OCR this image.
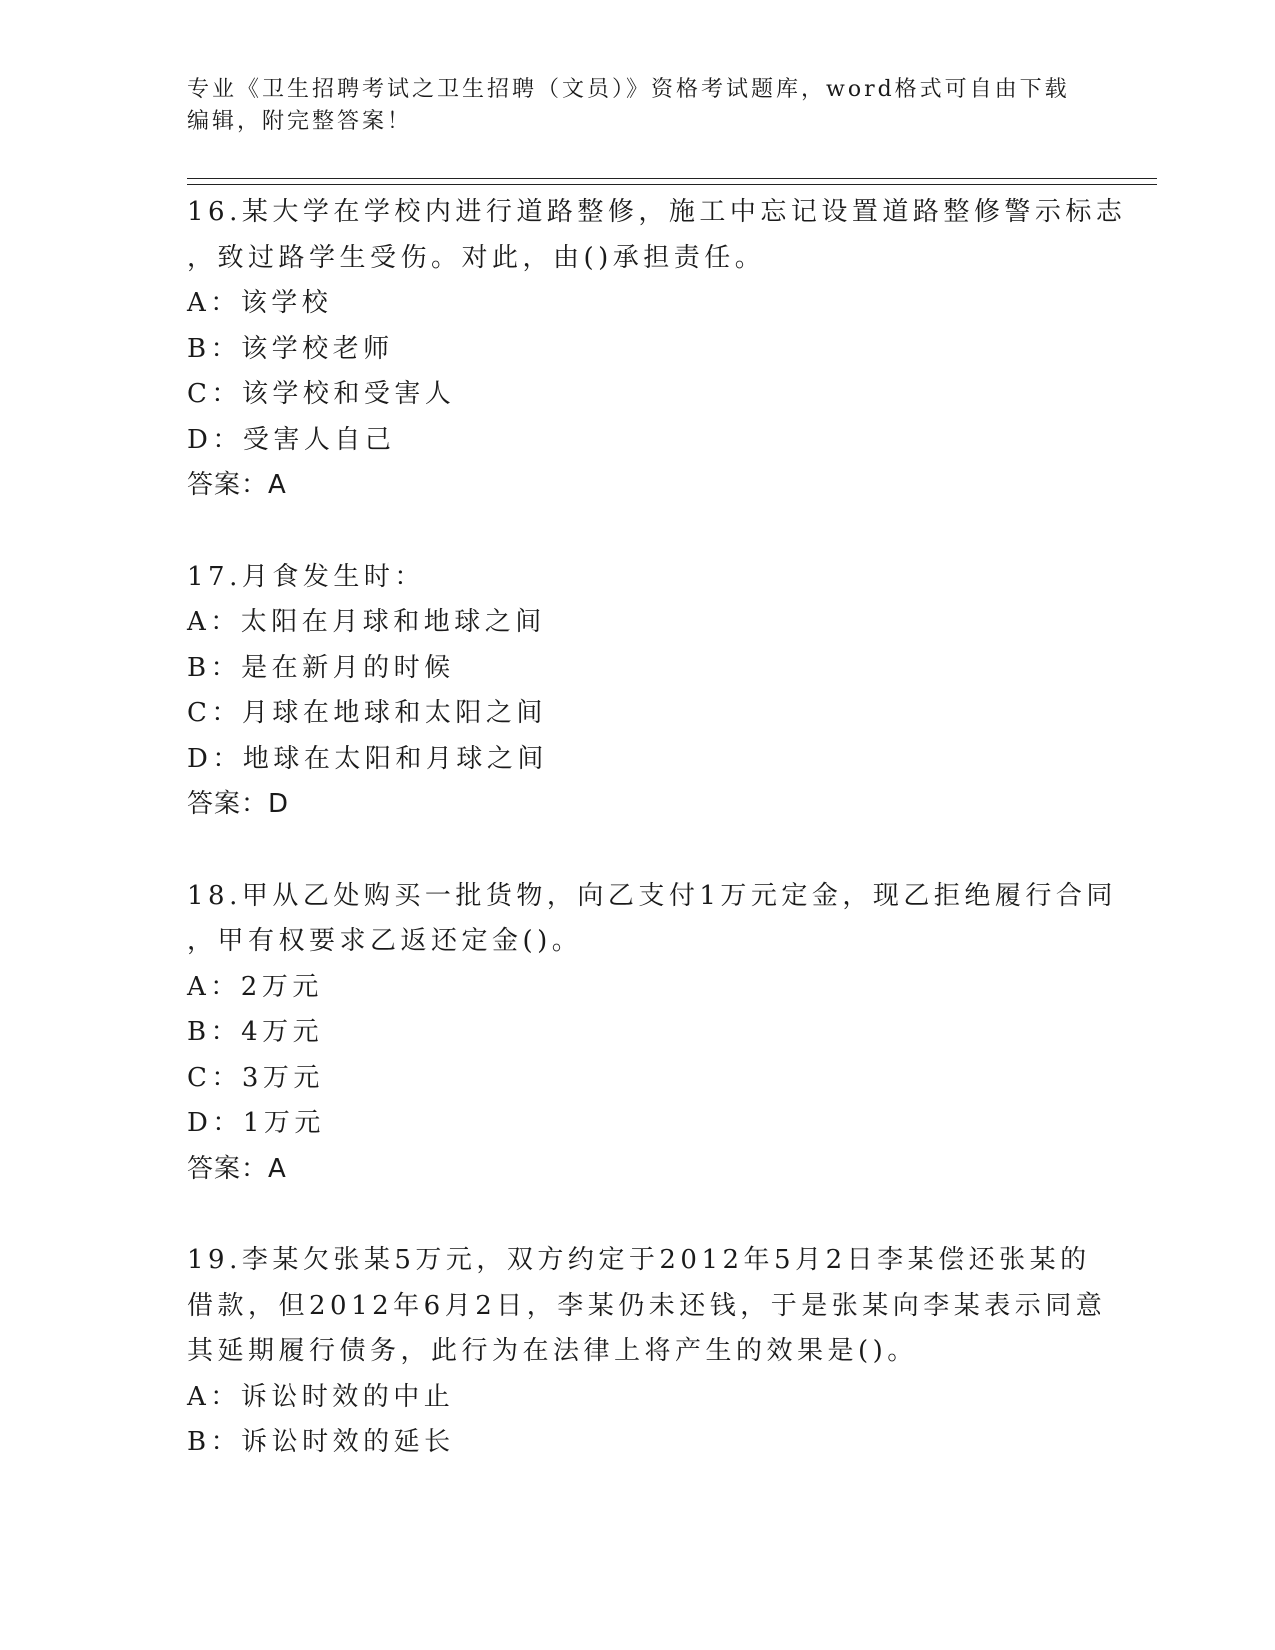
专业《卫生招聘考试之卫生招聘（文员）》资格考试题库，word格式可自由下载
编辑，附完整答案！
16.某大学在学校内进行道路整修，施工中忘记设置道路整修警示标志
，致过路学生受伤。对此，由()承担责任。
A：该学校
B：该学校老师
C：该学校和受害人
D：受害人自己
答案：A
17.月食发生时：
A：太阳在月球和地球之间
B：是在新月的时候
C：月球在地球和太阳之间
D：地球在太阳和月球之间
答案：D
18.甲从乙处购买一批货物，向乙支付1万元定金，现乙拒绝履行合同
，甲有权要求乙返还定金()。
A：2万元
B：4万元
C：3万元
D：1万元
答案：A
19.李某欠张某5万元，双方约定于2012年5月2日李某偿还张某的
借款，但2012年6月2日，李某仍未还钱，于是张某向李某表示同意
其延期履行债务，此行为在法律上将产生的效果是()。
A：诉讼时效的中止
B：诉讼时效的延长
